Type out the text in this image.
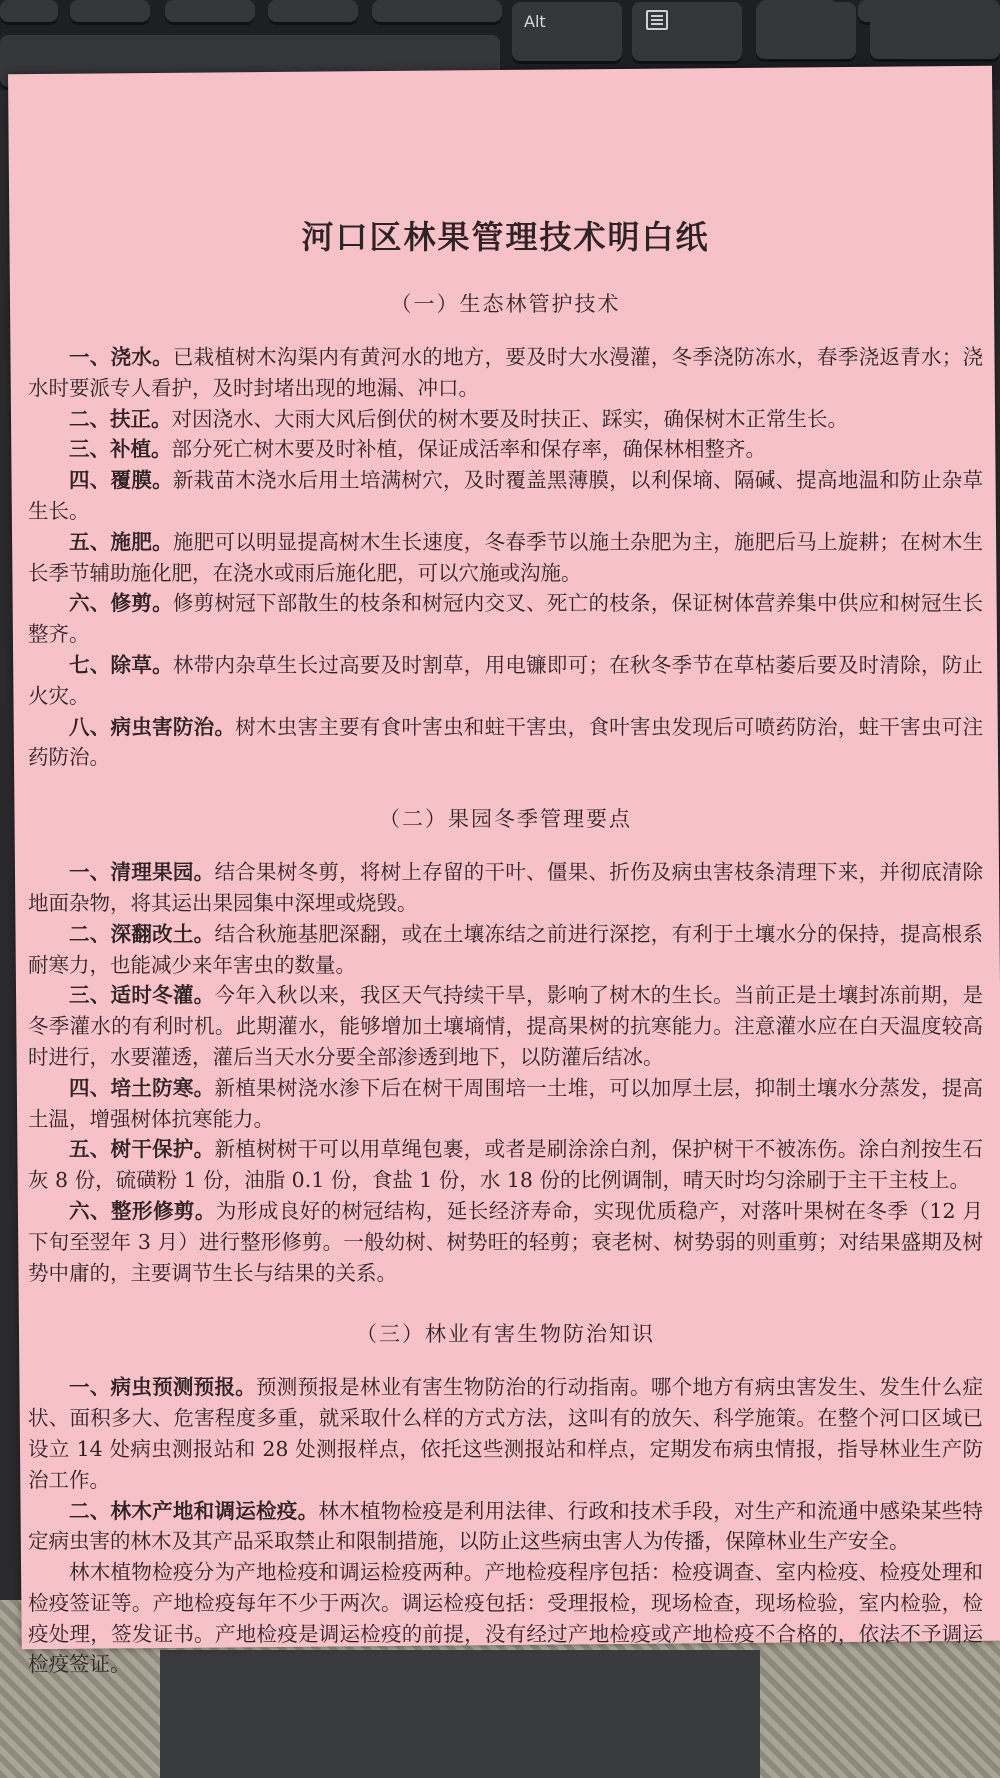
Alt
河口区林果管理技术明白纸
（一）生态林管护技术

一、浇水。已栽植树木沟渠内有黄河水的地方，要及时大水漫灌，冬季浇防冻水，春季浇返青水；浇水时要派专人看护，及时封堵出现的地漏、冲口。

二、扶正。对因浇水、大雨大风后倒伏的树木要及时扶正、踩实，确保树木正常生长。

三、补植。部分死亡树木要及时补植，保证成活率和保存率，确保林相整齐。

四、覆膜。新栽苗木浇水后用土培满树穴，及时覆盖黑薄膜，以利保墒、隔碱、提高地温和防止杂草生长。

五、施肥。施肥可以明显提高树木生长速度，冬春季节以施土杂肥为主，施肥后马上旋耕；在树木生长季节辅助施化肥，在浇水或雨后施化肥，可以穴施或沟施。

六、修剪。修剪树冠下部散生的枝条和树冠内交叉、死亡的枝条，保证树体营养集中供应和树冠生长整齐。

七、除草。林带内杂草生长过高要及时割草，用电镰即可；在秋冬季节在草枯萎后要及时清除，防止火灾。

八、病虫害防治。树木虫害主要有食叶害虫和蛀干害虫，食叶害虫发现后可喷药防治，蛀干害虫可注药防治。

（二）果园冬季管理要点

一、清理果园。结合果树冬剪，将树上存留的干叶、僵果、折伤及病虫害枝条清理下来，并彻底清除地面杂物，将其运出果园集中深埋或烧毁。

二、深翻改土。结合秋施基肥深翻，或在土壤冻结之前进行深挖，有利于土壤水分的保持，提高根系耐寒力，也能减少来年害虫的数量。

三、适时冬灌。今年入秋以来，我区天气持续干旱，影响了树木的生长。当前正是土壤封冻前期，是冬季灌水的有利时机。此期灌水，能够增加土壤墒情，提高果树的抗寒能力。注意灌水应在白天温度较高时进行，水要灌透，灌后当天水分要全部渗透到地下，以防灌后结冰。

四、培土防寒。新植果树浇水渗下后在树干周围培一土堆，可以加厚土层，抑制土壤水分蒸发，提高土温，增强树体抗寒能力。

五、树干保护。新植树树干可以用草绳包裹，或者是刷涂涂白剂，保护树干不被冻伤。涂白剂按生石灰 8 份，硫磺粉 1 份，油脂 0.1 份，食盐 1 份，水 18 份的比例调制，晴天时均匀涂刷于主干主枝上。

六、整形修剪。为形成良好的树冠结构，延长经济寿命，实现优质稳产，对落叶果树在冬季（12 月下旬至翌年 3 月）进行整形修剪。一般幼树、树势旺的轻剪；衰老树、树势弱的则重剪；对结果盛期及树势中庸的，主要调节生长与结果的关系。

（三）林业有害生物防治知识

一、病虫预测预报。预测预报是林业有害生物防治的行动指南。哪个地方有病虫害发生、发生什么症状、面积多大、危害程度多重，就采取什么样的方式方法，这叫有的放矢、科学施策。在整个河口区域已设立 14 处病虫测报站和 28 处测报样点，依托这些测报站和样点，定期发布病虫情报，指导林业生产防治工作。

二、林木产地和调运检疫。林木植物检疫是利用法律、行政和技术手段，对生产和流通中感染某些特定病虫害的林木及其产品采取禁止和限制措施，以防止这些病虫害人为传播，保障林业生产安全。

林木植物检疫分为产地检疫和调运检疫两种。产地检疫程序包括：检疫调查、室内检疫、检疫处理和检疫签证等。产地检疫每年不少于两次。调运检疫包括：受理报检，现场检查，现场检验，室内检验，检疫处理，签发证书。产地检疫是调运检疫的前提，没有经过产地检疫或产地检疫不合格的，依法不予调运检疫签证。
